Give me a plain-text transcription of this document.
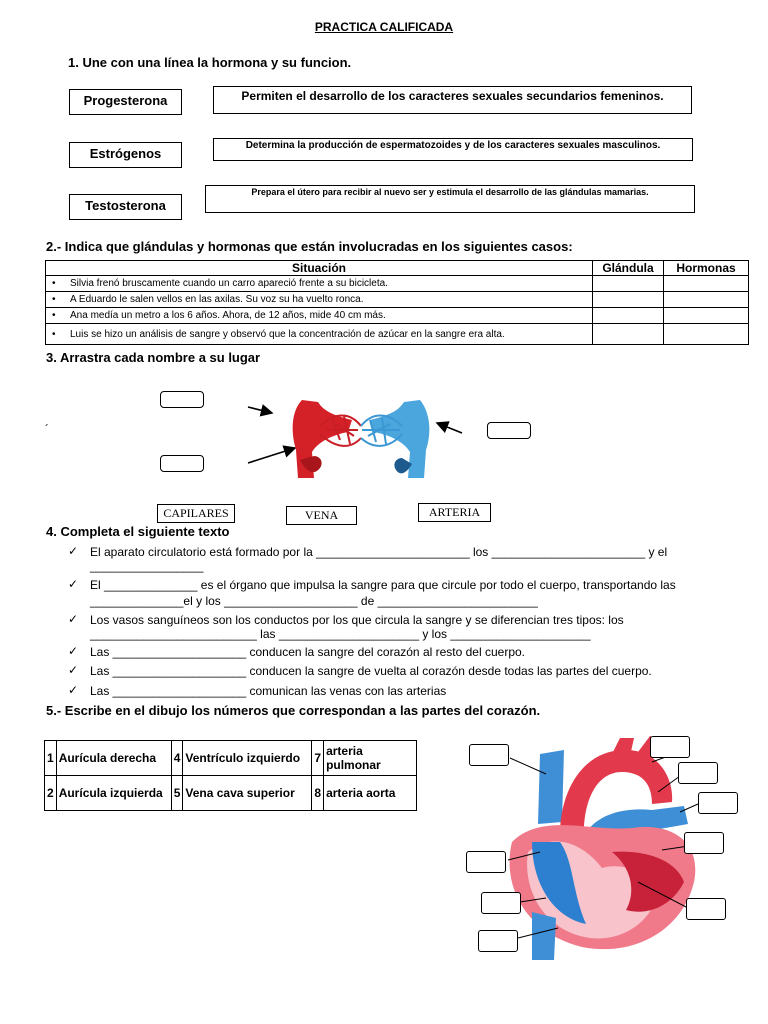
PRACTICA CALIFICADA
1. Une con una línea la hormona y su funcion.
Progesterona
Estrógenos
Testosterona
Permiten el desarrollo de los caracteres sexuales secundarios femeninos.
Determina la producción de espermatozoides y de los caracteres sexuales masculinos.
Prepara el útero para recibir al nuevo ser y estimula el desarrollo de las glándulas mamarias.
2.- Indica que glándulas y hormonas que están involucradas en los siguientes casos:
Situación	Glándula	Hormonas
• Silvia frenó bruscamente cuando un carro apareció frente a su bicicleta.		
• A Eduardo le salen vellos en las axilas. Su voz su ha vuelto ronca.		
• Ana medía un metro a los 6 años. Ahora, de 12 años, mide 40 cm más.		
• Luis se hizo un análisis de sangre y observó que la concentración de azúcar en la sangre era alta.		
3. Arrastra cada nombre a su lugar
´
CAPILARES	VENA	ARTERIA
4. Completa el siguiente texto
✓ El aparato circulatorio está formado por la _______________________ los _______________________ y el
_________________
✓ El ______________ es el órgano que impulsa la sangre para que circule por todo el cuerpo, transportando las
______________el y los ____________________ de ________________________
✓ Los vasos sanguíneos son los conductos por los que circula la sangre y se diferencian tres tipos: los
_________________________ las _____________________ y los _____________________
✓ Las ____________________ conducen la sangre del corazón al resto del cuerpo.
✓ Las ____________________ conducen la sangre de vuelta al corazón desde todas las partes del cuerpo.
✓ Las ____________________ comunican las venas con las arterias
5.- Escribe en el dibujo los números que correspondan a las partes del corazón.
1	Aurícula derecha	4	Ventrículo izquierdo	7	arteria pulmonar
2	Aurícula izquierda	5	Vena cava superior	8	arteria aorta
